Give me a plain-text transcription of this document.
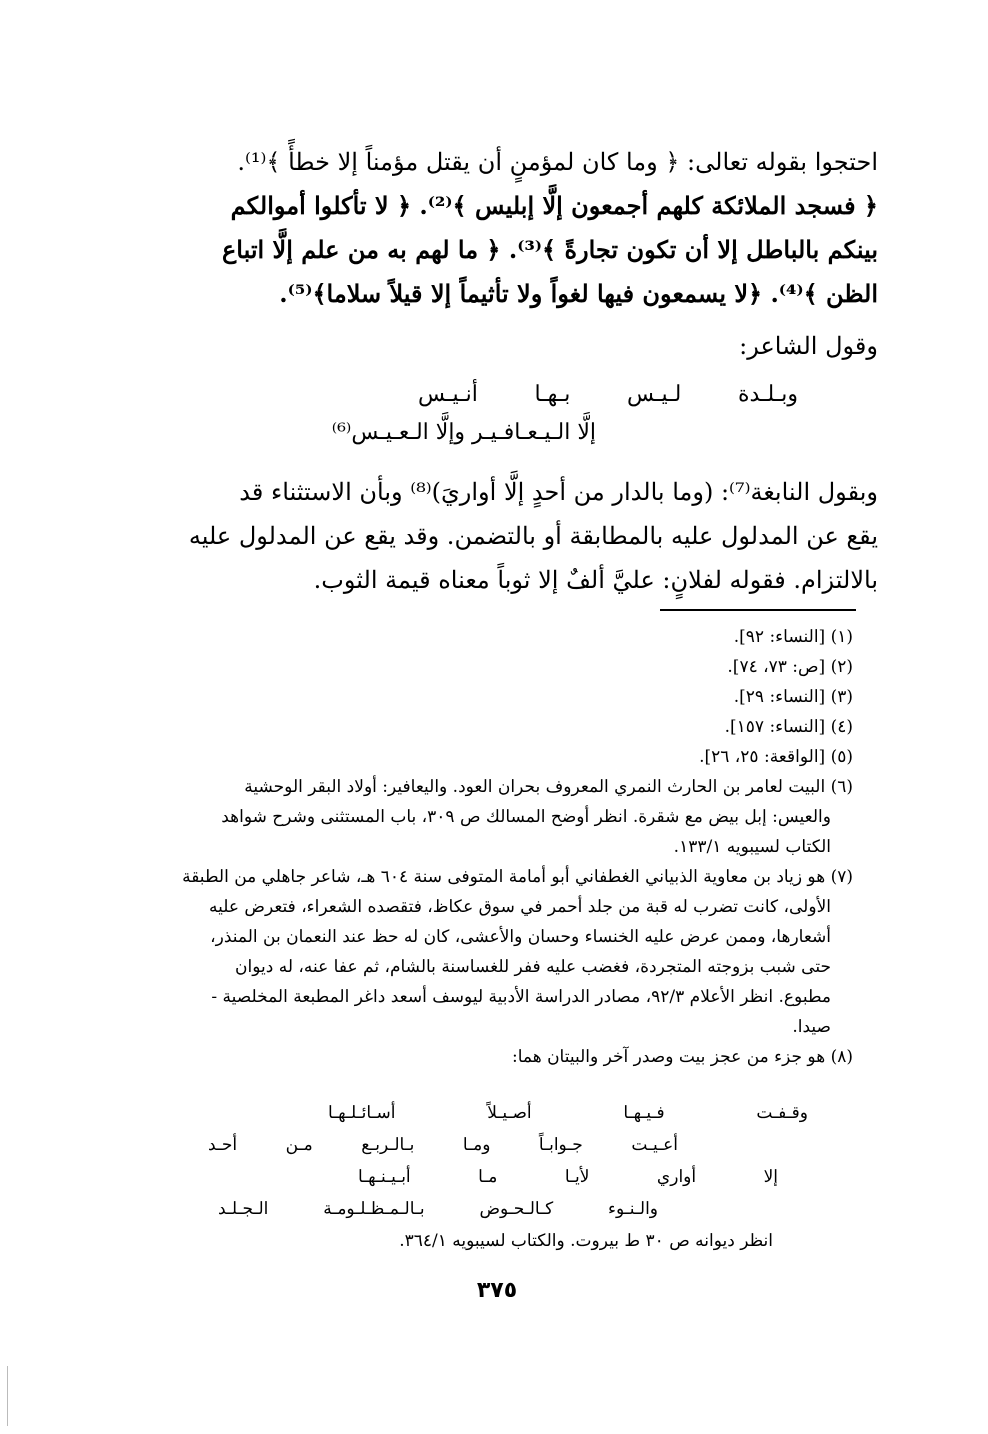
احتجوا بقوله تعالى: ﴿ وما كان لمؤمنٍ أن يقتل مؤمناً إلا خطأً ﴾⁽¹⁾.
﴿ فسجد الملائكة كلهم أجمعون إلَّا إبليس ﴾⁽²⁾. ﴿ لا تأكلوا أموالكم
بينكم بالباطل إلا أن تكون تجارةً ﴾⁽³⁾. ﴿ ما لهم به من علم إلَّا اتباع
الظن ﴾⁽⁴⁾. ﴿لا يسمعون فيها لغواً ولا تأثيماً إلا قيلاً سلاما﴾⁽⁵⁾.
وقول الشاعر:
وبـلـدة لـيـس بـهـا أنـيـس
إلَّا الـيـعـافـيـر وإلَّا الـعـيـس⁽⁶⁾
وبقول النابغة⁽⁷⁾: (وما بالدار من أحدٍ إلَّا أواريَ)⁽⁸⁾ وبأن الاستثناء قد
يقع عن المدلول عليه بالمطابقة أو بالتضمن. وقد يقع عن المدلول عليه
بالالتزام. فقوله لفلانٍ: عليَّ ألفٌ إلا ثوباً معناه قيمة الثوب.
(١) [النساء: ٩٢].
(٢) [ص: ٧٣، ٧٤].
(٣) [النساء: ٢٩].
(٤) [النساء: ١٥٧].
(٥) [الواقعة: ٢٥، ٢٦].
(٦) البيت لعامر بن الحارث النمري المعروف بحران العود. واليعافير: أولاد البقر الوحشية
والعيس: إبل بيض مع شقرة. انظر أوضح المسالك ص ٣٠٩، باب المستثنى وشرح شواهد
الكتاب لسيبويه ١٣٣/١.
(٧) هو زياد بن معاوية الذبياني الغطفاني أبو أمامة المتوفى سنة ٦٠٤ هـ، شاعر جاهلي من الطبقة
الأولى، كانت تضرب له قبة من جلد أحمر في سوق عكاظ، فتقصده الشعراء، فتعرض عليه
أشعارها، وممن عرض عليه الخنساء وحسان والأعشى، كان له حظ عند النعمان بن المنذر،
حتى شبب بزوجته المتجردة، فغضب عليه ففر للغساسنة بالشام، ثم عفا عنه، له ديوان
مطبوع. انظر الأعلام ٩٢/٣، مصادر الدراسة الأدبية ليوسف أسعد داغر المطبعة المخلصية -
صيدا.
(٨) هو جزء من عجز بيت وصدر آخر والبيتان هما:
وقـفـت فـيـهـا أصـيـلاً أسـائـلـهـا
أعـيـت جـوابـاً ومـا بـالـربـع مـن أحـد
إلا أواري لأيـا مـا أبـيـنـهـا
والـنـوء كـالـحـوض بـالـمـظـلـومـة الـجـلـد
انظر ديوانه ص ٣٠ ط بيروت. والكتاب لسيبويه ٣٦٤/١.
٣٧٥
